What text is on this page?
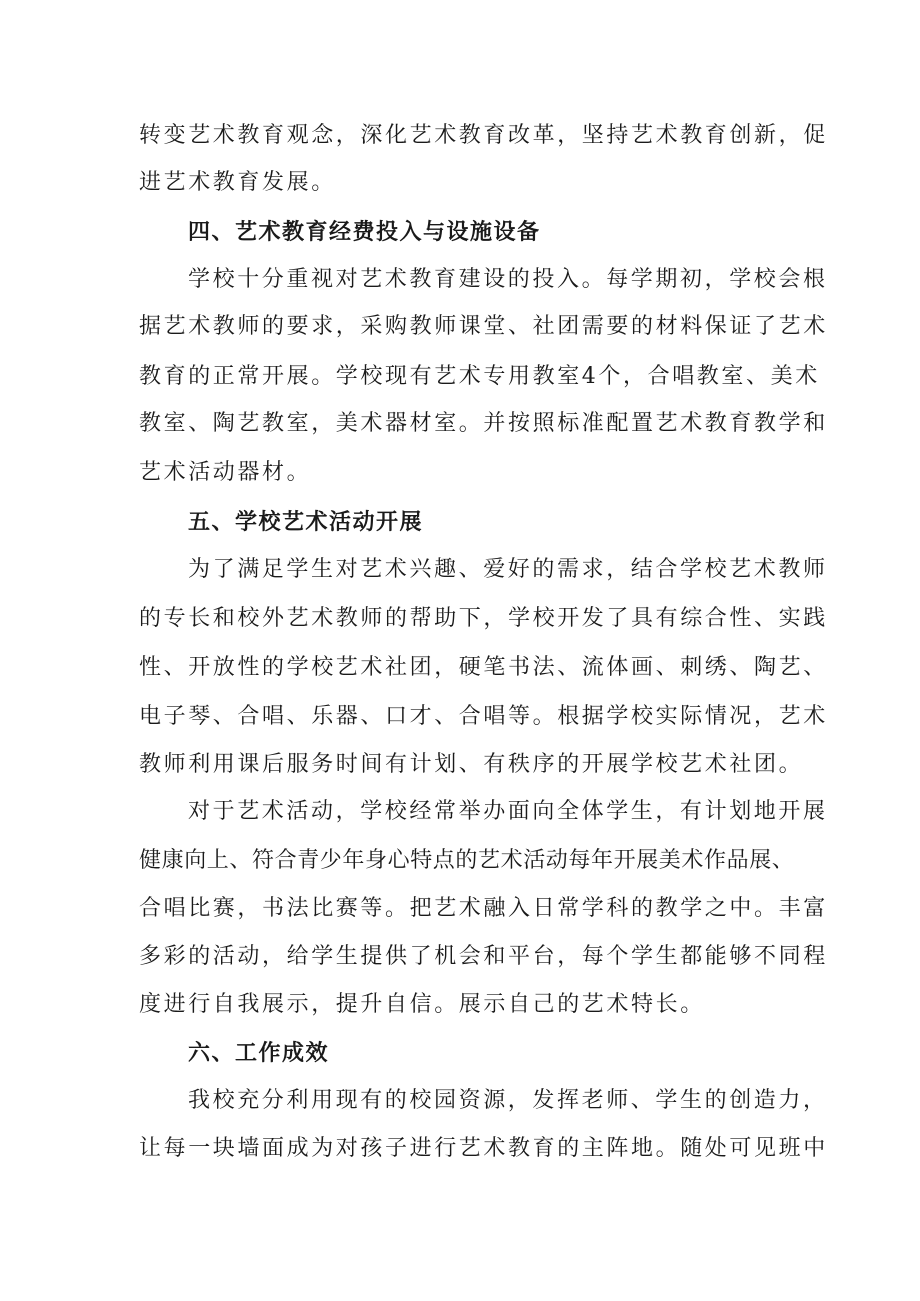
转变艺术教育观念，深化艺术教育改革，坚持艺术教育创新，促
进艺术教育发展。
四、艺术教育经费投入与设施设备
学校十分重视对艺术教育建设的投入。每学期初，学校会根
据艺术教师的要求，采购教师课堂、社团需要的材料保证了艺术
教育的正常开展。学校现有艺术专用教室4个，合唱教室、美术
教室、陶艺教室，美术器材室。并按照标准配置艺术教育教学和
艺术活动器材。
五、学校艺术活动开展
为了满足学生对艺术兴趣、爱好的需求，结合学校艺术教师
的专长和校外艺术教师的帮助下，学校开发了具有综合性、实践
性、开放性的学校艺术社团，硬笔书法、流体画、刺绣、陶艺、
电子琴、合唱、乐器、口才、合唱等。根据学校实际情况，艺术
教师利用课后服务时间有计划、有秩序的开展学校艺术社团。
对于艺术活动，学校经常举办面向全体学生，有计划地开展
健康向上、符合青少年身心特点的艺术活动每年开展美术作品展、
合唱比赛，书法比赛等。把艺术融入日常学科的教学之中。丰富
多彩的活动，给学生提供了机会和平台，每个学生都能够不同程
度进行自我展示，提升自信。展示自己的艺术特长。
六、工作成效
我校充分利用现有的校园资源，发挥老师、学生的创造力，
让每一块墙面成为对孩子进行艺术教育的主阵地。随处可见班中
